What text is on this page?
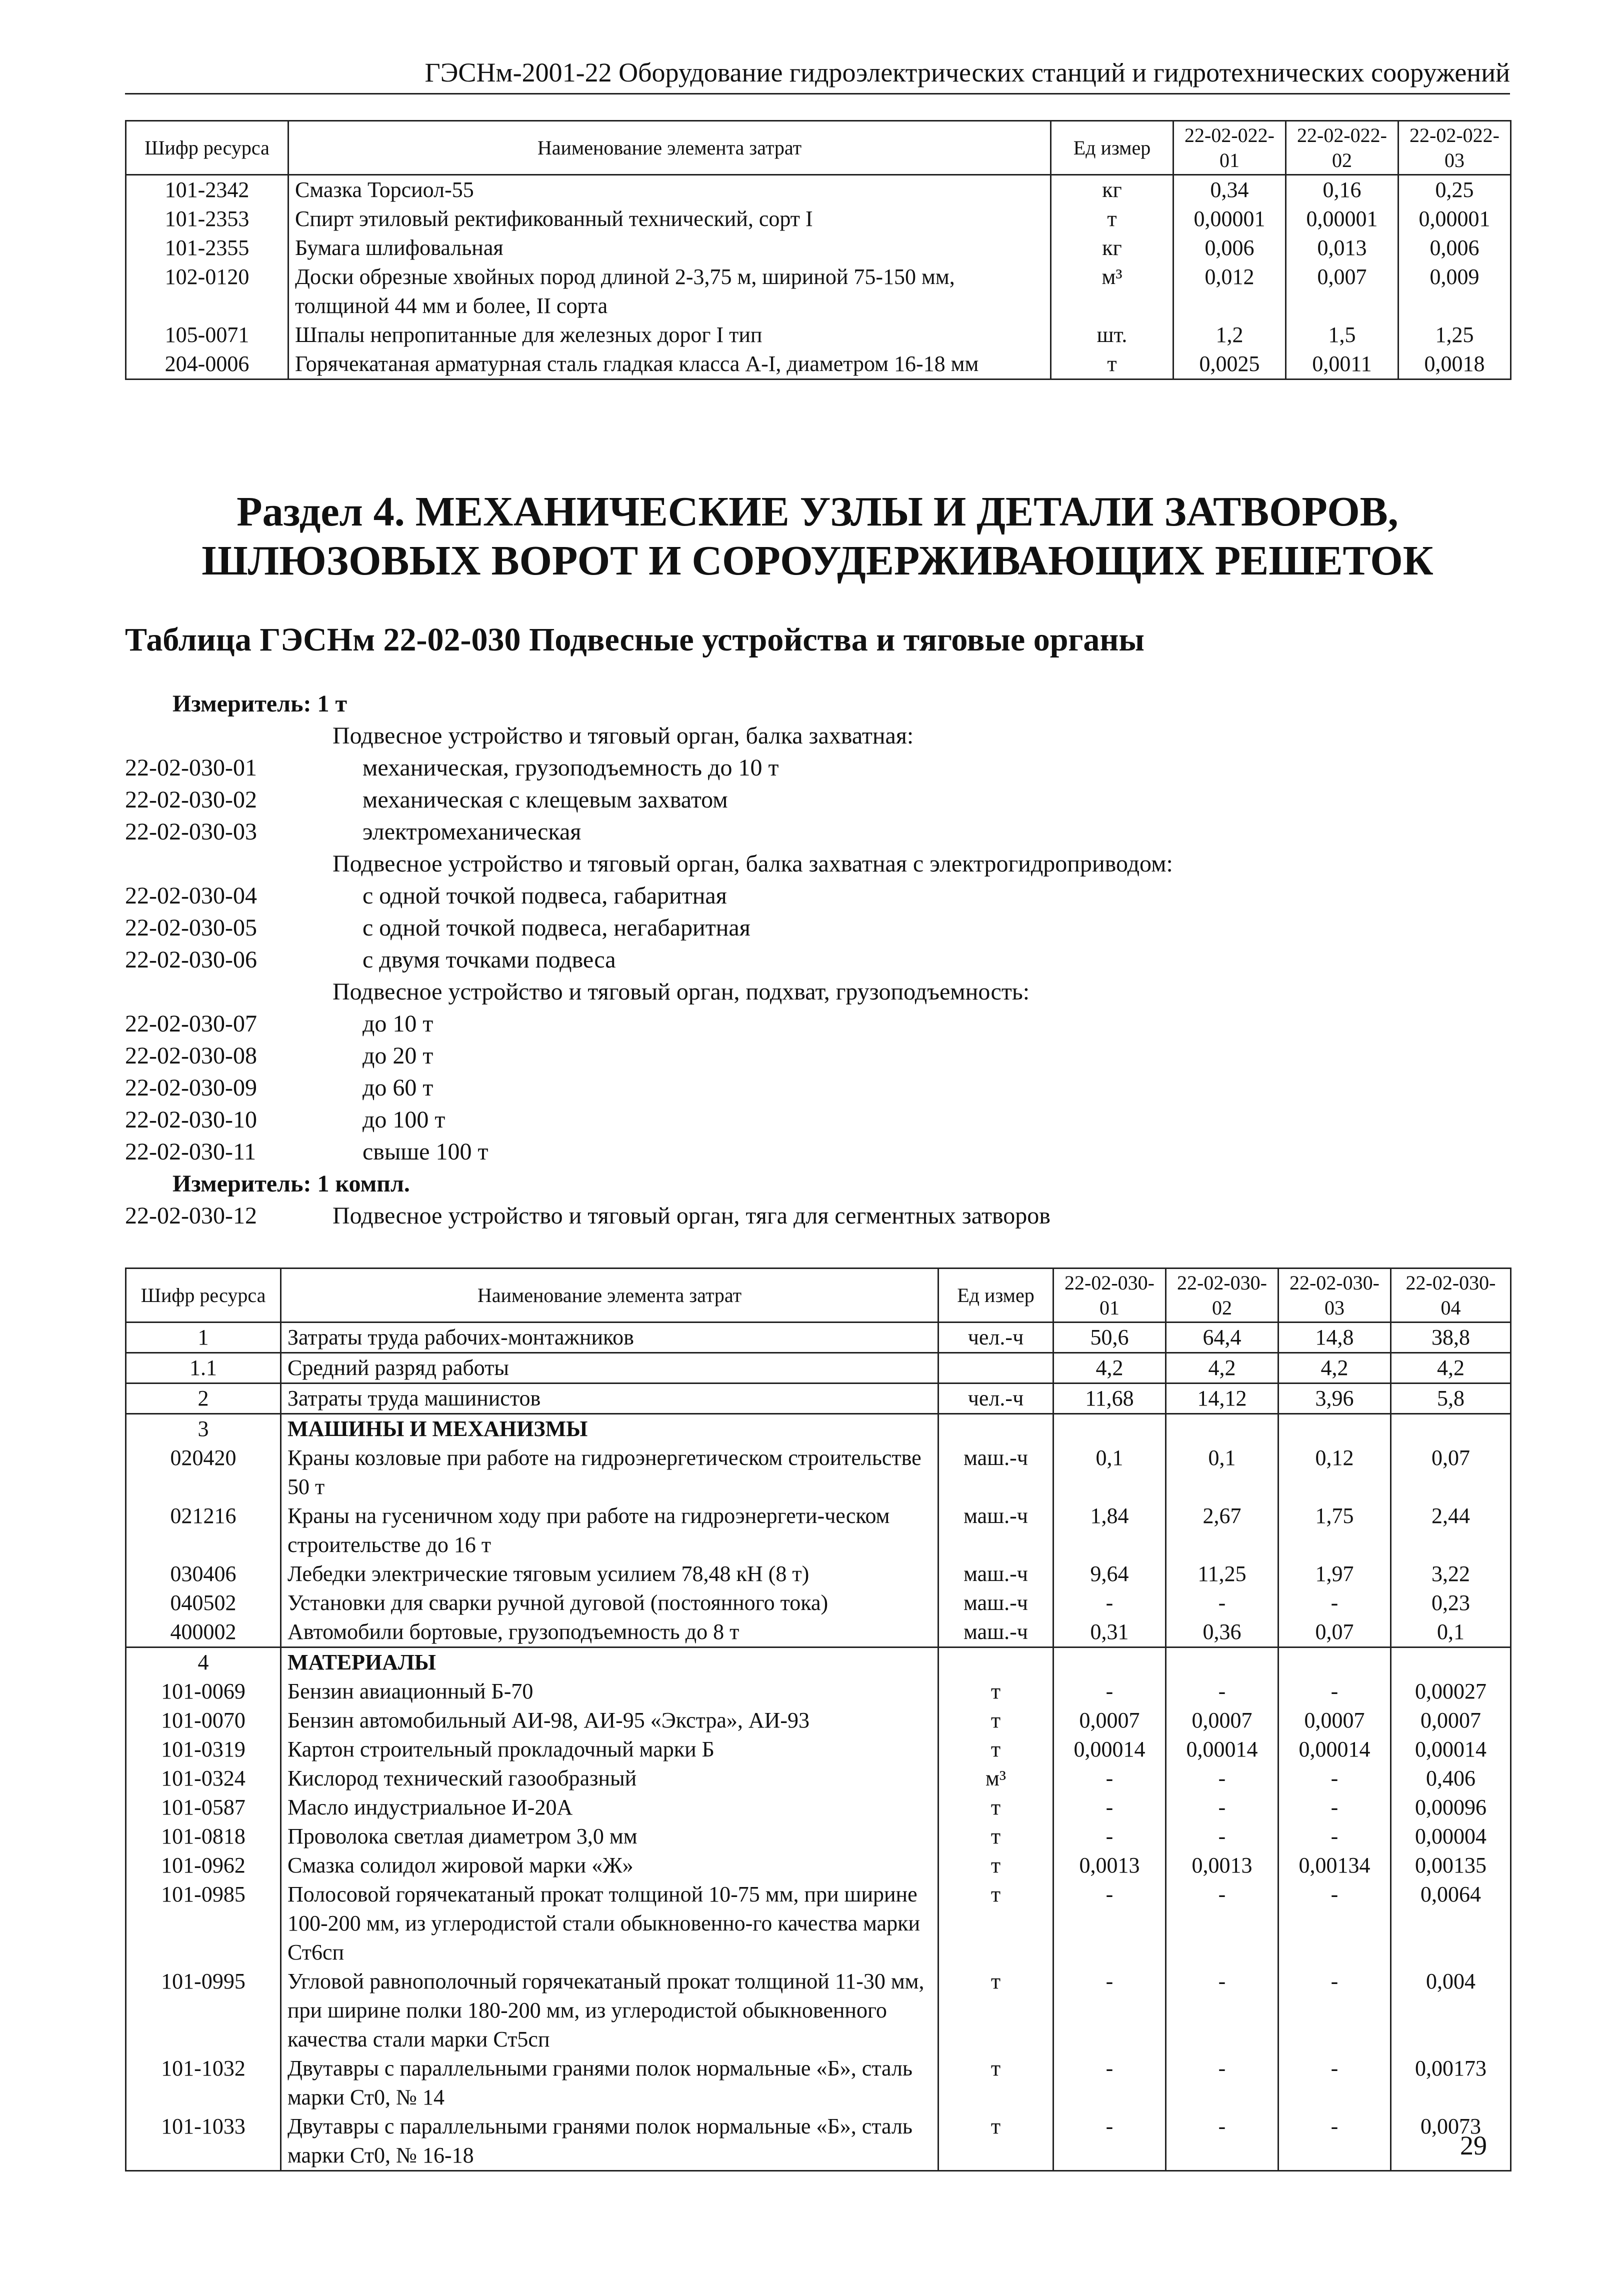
ГЭСНм-2001-22 Оборудование гидроэлектрических станций и гидротехнических сооружений
Шифр ресурса	Наименование элемента затрат	Ед измер	22-02-022-01	22-02-022-02	22-02-022-03
101-2342	Смазка Торсиол-55	кг	0,34	0,16	0,25
101-2353	Спирт этиловый ректификованный технический, сорт I	т	0,00001	0,00001	0,00001
101-2355	Бумага шлифовальная	кг	0,006	0,013	0,006
102-0120	Доски обрезные хвойных пород длиной 2-3,75 м, шириной 75-150 мм, толщиной 44 мм и более, II сорта	м³	0,012	0,007	0,009
105-0071	Шпалы непропитанные для железных дорог I тип	шт.	1,2	1,5	1,25
204-0006	Горячекатаная арматурная сталь гладкая класса А-I, диаметром 16-18 мм	т	0,0025	0,0011	0,0018
Раздел 4. МЕХАНИЧЕСКИЕ УЗЛЫ И ДЕТАЛИ ЗАТВОРОВ,
ШЛЮЗОВЫХ ВОРОТ И СОРОУДЕРЖИВАЮЩИХ РЕШЕТОК
Таблица ГЭСНм 22-02-030 Подвесные устройства и тяговые органы
Измеритель: 1 т
Подвесное устройство и тяговый орган, балка захватная:
22-02-030-01	механическая, грузоподъемность до 10 т
22-02-030-02	механическая с клещевым захватом
22-02-030-03	электромеханическая
Подвесное устройство и тяговый орган, балка захватная с электрогидроприводом:
22-02-030-04	с одной точкой подвеса, габаритная
22-02-030-05	с одной точкой подвеса, негабаритная
22-02-030-06	с двумя точками подвеса
Подвесное устройство и тяговый орган, подхват, грузоподъемность:
22-02-030-07	до 10 т
22-02-030-08	до 20 т
22-02-030-09	до 60 т
22-02-030-10	до 100 т
22-02-030-11	свыше 100 т
Измеритель: 1 компл.
22-02-030-12	Подвесное устройство и тяговый орган, тяга для сегментных затворов
Шифр ресурса	Наименование элемента затрат	Ед измер	22-02-030-01	22-02-030-02	22-02-030-03	22-02-030-04
1	Затраты труда рабочих-монтажников	чел.-ч	50,6	64,4	14,8	38,8
1.1	Средний разряд работы		4,2	4,2	4,2	4,2
2	Затраты труда машинистов	чел.-ч	11,68	14,12	3,96	5,8
3	МАШИНЫ И МЕХАНИЗМЫ					
020420	Краны козловые при работе на гидроэнергетическом строительстве 50 т	маш.-ч	0,1	0,1	0,12	0,07
021216	Краны на гусеничном ходу при работе на гидроэнергети-ческом строительстве до 16 т	маш.-ч	1,84	2,67	1,75	2,44
030406	Лебедки электрические тяговым усилием 78,48 кН (8 т)	маш.-ч	9,64	11,25	1,97	3,22
040502	Установки для сварки ручной дуговой (постоянного тока)	маш.-ч	-	-	-	0,23
400002	Автомобили бортовые, грузоподъемность до 8 т	маш.-ч	0,31	0,36	0,07	0,1
4	МАТЕРИАЛЫ					
101-0069	Бензин авиационный Б-70	т	-	-	-	0,00027
101-0070	Бензин автомобильный АИ-98, АИ-95 «Экстра», АИ-93	т	0,0007	0,0007	0,0007	0,0007
101-0319	Картон строительный прокладочный марки Б	т	0,00014	0,00014	0,00014	0,00014
101-0324	Кислород технический газообразный	м³	-	-	-	0,406
101-0587	Масло индустриальное И-20А	т	-	-	-	0,00096
101-0818	Проволока светлая диаметром 3,0 мм	т	-	-	-	0,00004
101-0962	Смазка солидол жировой марки «Ж»	т	0,0013	0,0013	0,00134	0,00135
101-0985	Полосовой горячекатаный прокат толщиной 10-75 мм, при ширине 100-200 мм, из углеродистой стали обыкновенно-го качества марки Ст6сп	т	-	-	-	0,0064
101-0995	Угловой равнополочный горячекатаный прокат толщиной 11-30 мм, при ширине полки 180-200 мм, из углеродистой обыкновенного качества стали марки Ст5сп	т	-	-	-	0,004
101-1032	Двутавры с параллельными гранями полок нормальные «Б», сталь марки Ст0, № 14	т	-	-	-	0,00173
101-1033	Двутавры с параллельными гранями полок нормальные «Б», сталь марки Ст0, № 16-18	т	-	-	-	0,0073
29
